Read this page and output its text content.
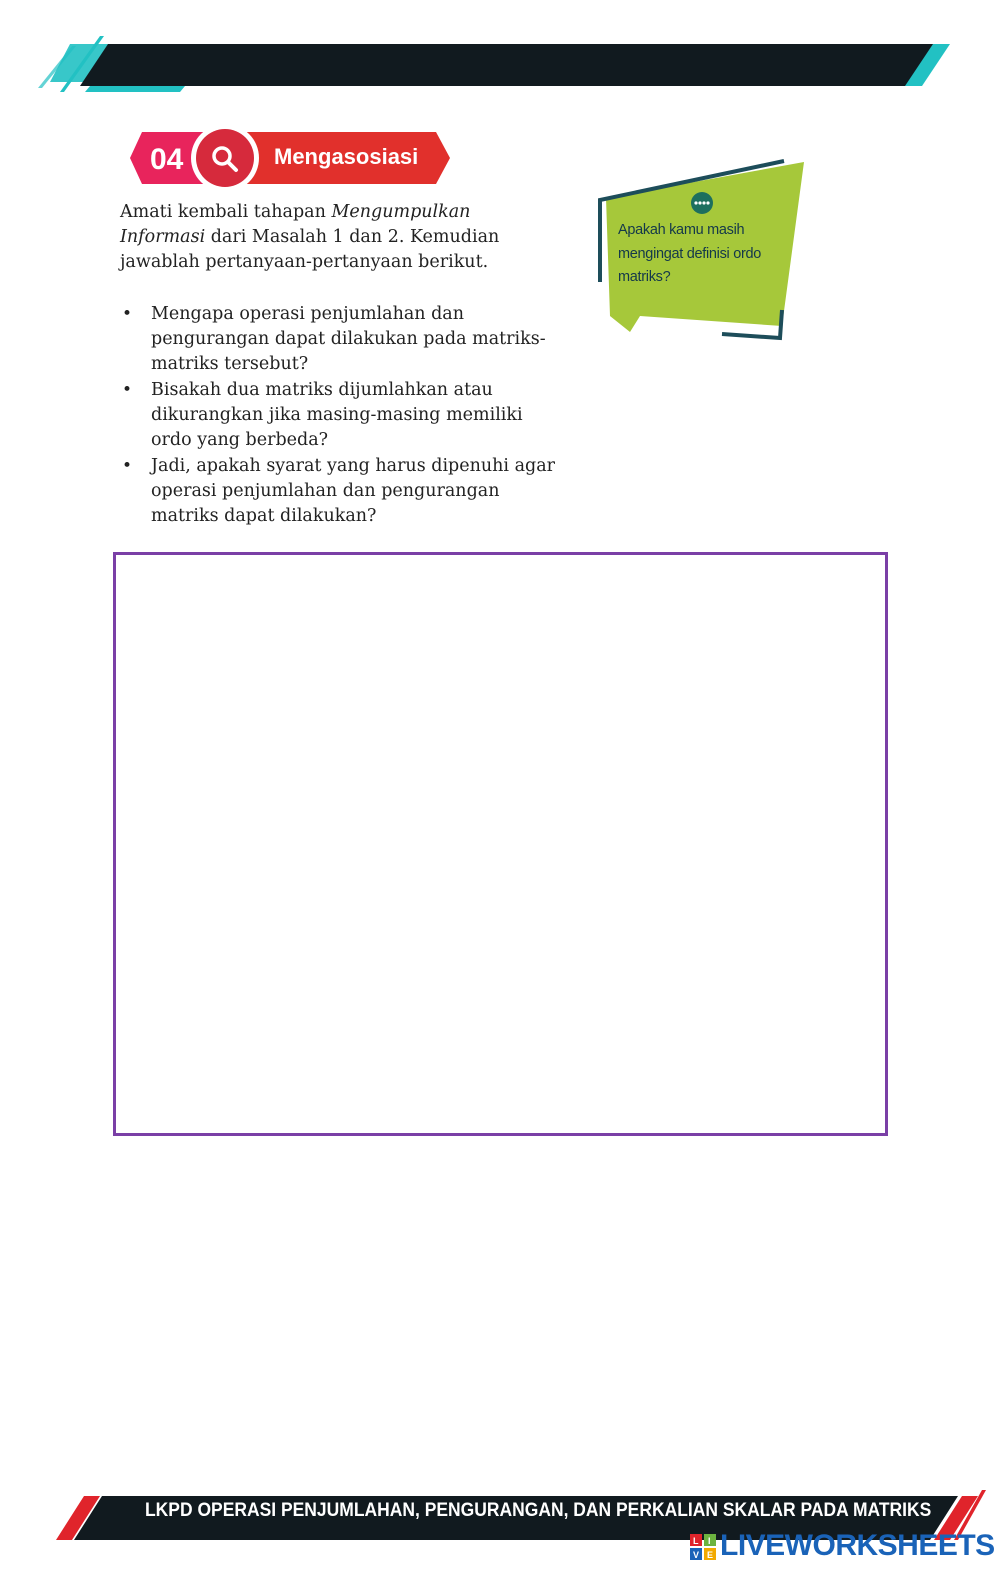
04	Mengasosiasi

Amati kembali tahapan Mengumpulkan
Informasi dari Masalah 1 dan 2. Kemudian jawablah pertanyaan-pertanyaan berikut.

• Mengapa operasi penjumlahan dan pengurangan dapat dilakukan pada matriks-matriks tersebut?
• Bisakah dua matriks dijumlahkan atau dikurangkan jika masing-masing memiliki ordo yang berbeda?
• Jadi, apakah syarat yang harus dipenuhi agar operasi penjumlahan dan pengurangan matriks dapat dilakukan?
Apakah kamu masih mengingat definisi ordo matriks?
LKPD OPERASI PENJUMLAHAN, PENGURANGAN, DAN PERKALIAN SKALAR PADA MATRIKS
L I
V E LIVEWORKSHEETS
